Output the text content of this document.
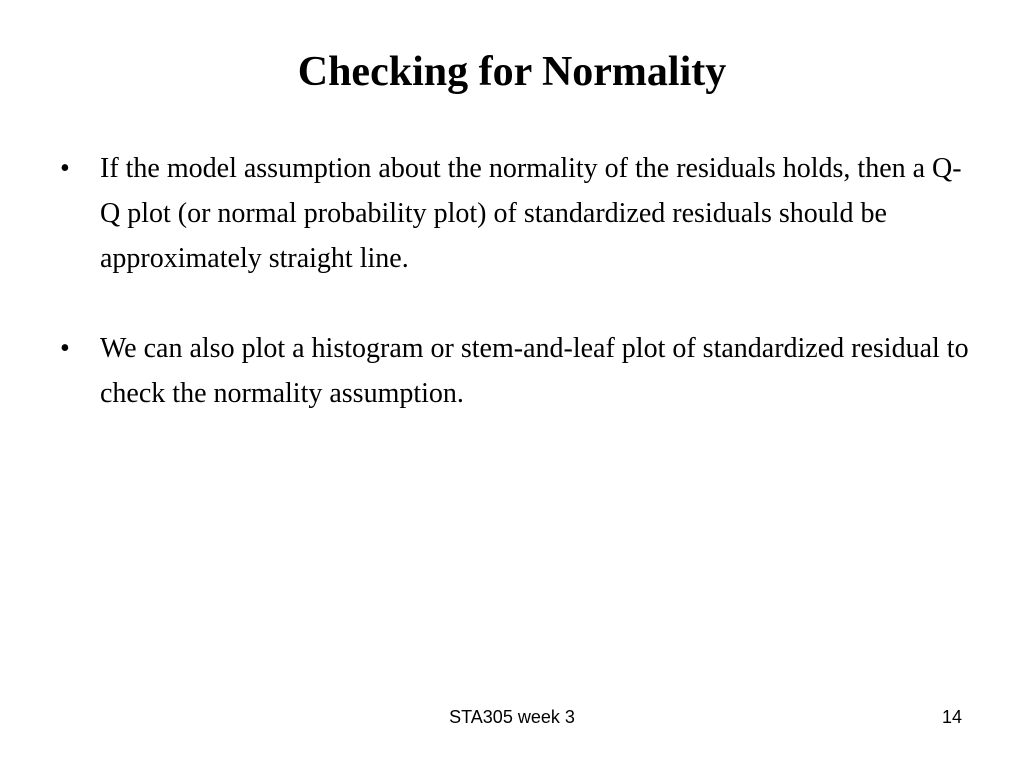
Checking for Normality
•	If the model assumption about the normality of the residuals holds, then a Q-Q plot (or normal probability plot) of standardized residuals should be approximately straight line.
•	We can also plot a histogram or stem-and-leaf plot of standardized residual to check the normality assumption.
STA305 week 3	14
